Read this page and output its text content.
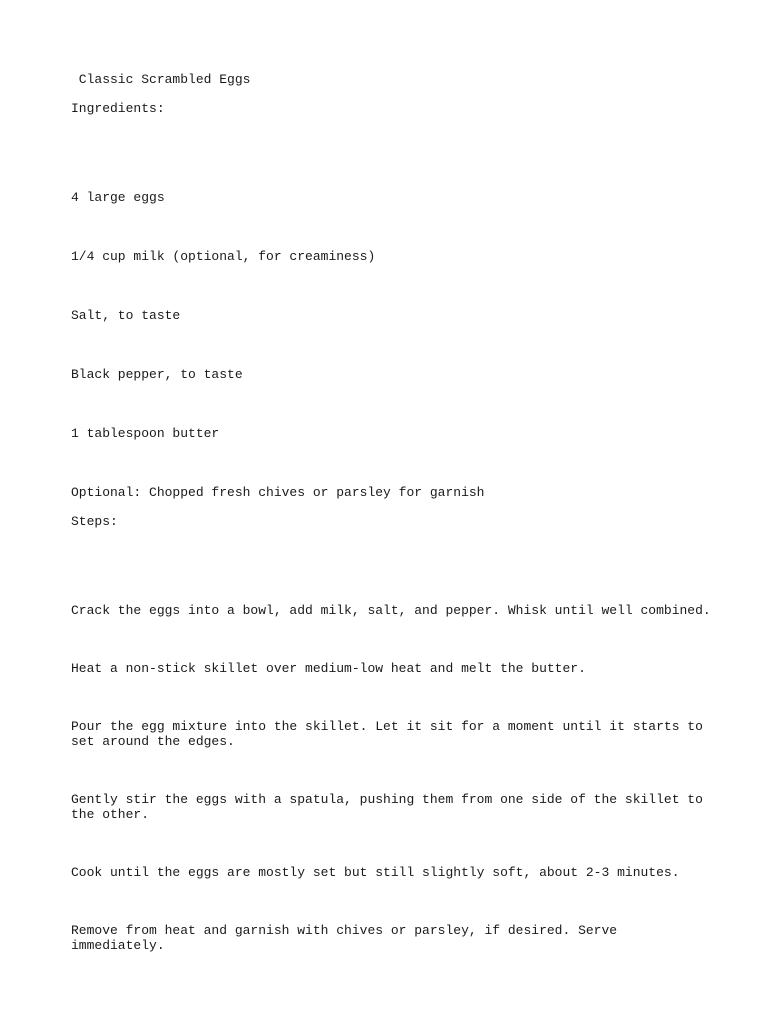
Classic Scrambled Eggs
Ingredients:
4 large eggs
1/4 cup milk (optional, for creaminess)
Salt, to taste
Black pepper, to taste
1 tablespoon butter
Optional: Chopped fresh chives or parsley for garnish
Steps:
Crack the eggs into a bowl, add milk, salt, and pepper. Whisk until well combined.
Heat a non-stick skillet over medium-low heat and melt the butter.
Pour the egg mixture into the skillet. Let it sit for a moment until it starts to set around the edges.
Gently stir the eggs with a spatula, pushing them from one side of the skillet to the other.
Cook until the eggs are mostly set but still slightly soft, about 2-3 minutes.
Remove from heat and garnish with chives or parsley, if desired. Serve immediately.
